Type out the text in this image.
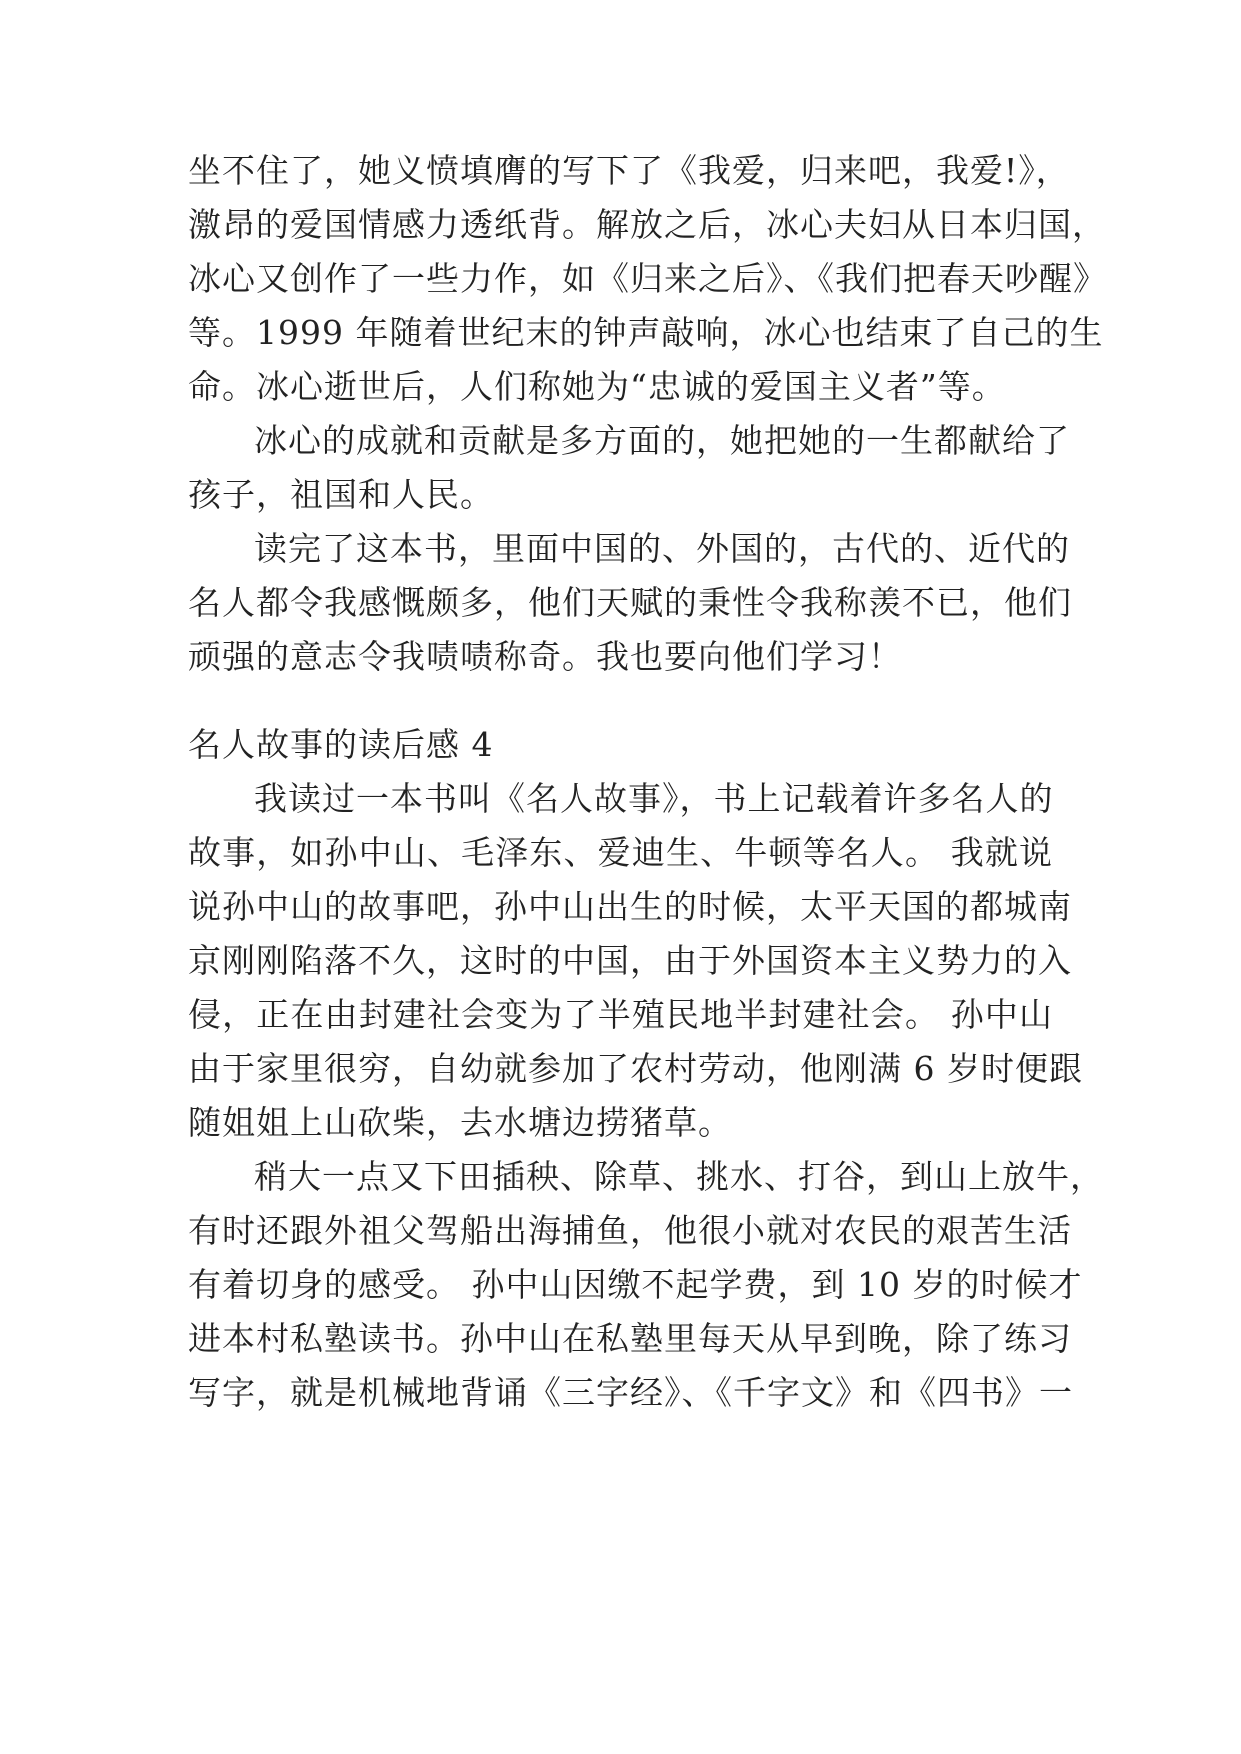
坐不住了，她义愤填膺的写下了《我爱，归来吧，我爱!》，
激昂的爱国情感力透纸背。解放之后，冰心夫妇从日本归国，
冰心又创作了一些力作，如《归来之后》、《我们把春天吵醒》
等。1999 年随着世纪末的钟声敲响，冰心也结束了自己的生
命。冰心逝世后，人们称她为“忠诚的爱国主义者”等。
冰心的成就和贡献是多方面的，她把她的一生都献给了
孩子，祖国和人民。
读完了这本书，里面中国的、外国的，古代的、近代的
名人都令我感慨颇多，他们天赋的秉性令我称羡不已，他们
顽强的意志令我啧啧称奇。我也要向他们学习！
名人故事的读后感 4
我读过一本书叫《名人故事》，书上记载着许多名人的
故事，如孙中山、毛泽东、爱迪生、牛顿等名人。 我就说
说孙中山的故事吧，孙中山出生的时候，太平天国的都城南
京刚刚陷落不久，这时的中国，由于外国资本主义势力的入
侵，正在由封建社会变为了半殖民地半封建社会。 孙中山
由于家里很穷，自幼就参加了农村劳动，他刚满 6 岁时便跟
随姐姐上山砍柴，去水塘边捞猪草。
稍大一点又下田插秧、除草、挑水、打谷，到山上放牛，
有时还跟外祖父驾船出海捕鱼，他很小就对农民的艰苦生活
有着切身的感受。 孙中山因缴不起学费，到 10 岁的时候才
进本村私塾读书。孙中山在私塾里每天从早到晚，除了练习
写字，就是机械地背诵《三字经》、《千字文》和《四书》一
